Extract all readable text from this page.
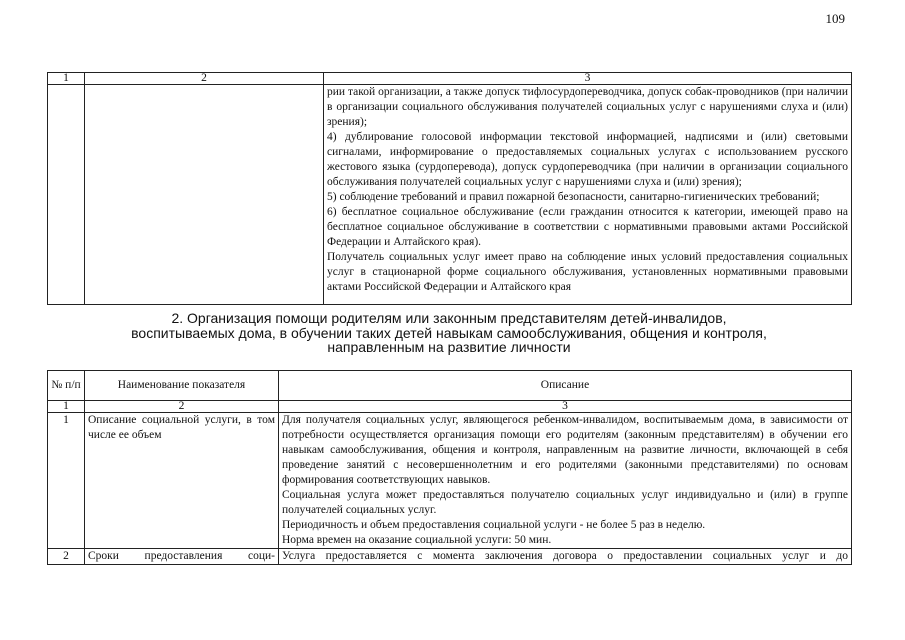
109
1	2	3

		рии такой организации, а также допуск тифлосурдопереводчика, допуск собак-проводников (при наличии в организации социального обслуживания получателей социальных услуг с нарушениями слуха и (или) зрения);

4) дублирование голосовой информации текстовой информацией, надписями и (или) световыми сигналами, информирование о предоставляемых социальных услугах с использованием русского жестового языка (сурдоперевода), допуск сурдопереводчика (при наличии в организации социального обслуживания получателей социальных услуг с нарушениями слуха и (или) зрения);

5) соблюдение требований и правил пожарной безопасности, санитарно-гигиенических требований;

6) бесплатное социальное обслуживание (если гражданин относится к категории, имеющей право на бесплатное социальное обслуживание в соответствии с нормативными правовыми актами Российской Федерации и Алтайского края).

Получатель социальных услуг имеет право на соблюдение иных условий предоставления социальных услуг в стационарной форме социального обслуживания, установленных нормативными правовыми актами Российской Федерации и Алтайского края

2. Организация помощи родителям или законным представителям детей-инвалидов,
воспитываемых дома, в обучении таких детей навыкам самообслуживания, общения и контроля,
направленным на развитие личности
№ п/п	Наименование показателя	Описание
1	2	3
1	Описание социальной услуги, в том числе ее объем	Для получателя социальных услуг, являющегося ребенком-инвалидом, воспитываемым дома, в зависимости от потребности осуществляется организация помощи его родителям (законным представителям) в обучении его навыкам самообслуживания, общения и контроля, направленным на развитие личности, включающей в себя проведение занятий с несовершеннолетним и его родителями (законными представителями) по основам формирования соответствующих навыков.

Социальная услуга может предоставляться получателю социальных услуг индивидуально и (или) в группе получателей социальных услуг.

Периодичность и объем предоставления социальной услуги - не более 5 раз в неделю.

Норма времен на оказание социальной услуги: 50 мин.

2	Сроки предоставления соци-	Услуга предоставляется с момента заключения договора о предоставлении социальных услуг и до
